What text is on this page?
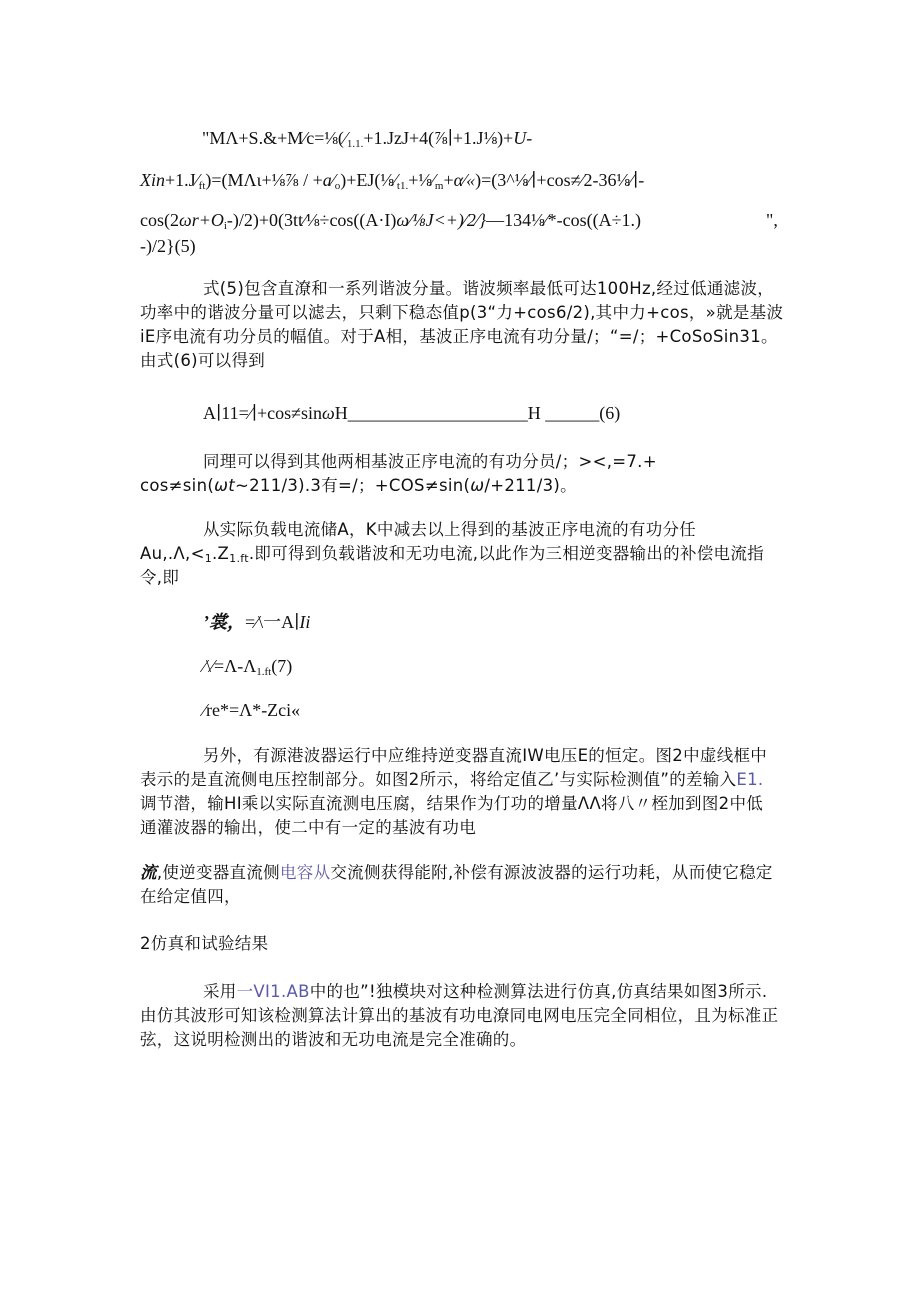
"$M\Lambda+S.\&+M⁄c=\frac{1}{8}(⁄_{1.1.}+1.JzJ+4(\frac{7}{8}∣+1.J\frac{1}{8})+U-$
$Xin+1.J⁄_{ft})=(M\Lambda\iota+\frac{1}{8}\frac{7}{8}$ / $+a⁄_o)+EJ(\frac{1}{8}⁄_{t1.}+\frac{1}{8}⁄_m+\alpha⁄«)=(3\^{}\frac{1}{8}⁄∣+\cos\ne⁄2-36\frac{1}{8}⁄∣-$
$\cos(2\omega r+O_i-)/2)+0(3tt⁄\frac{1}{8}\div\cos((A\cdot I)\omega⁄\frac{1}{8}J<+)⁄2⁄\}—134\frac{1}{8}⁄*-\cos((A\div 1.)$	",
-)/2}(5)
式(5)包含直潦和一系列谐波分量。谐波频率最低可达100Hz,经过低通滤波，
功率中的谐波分量可以滤去，只剩下稳态值p(3“力+cos6/2),其中力+cos，»就是基波
iE序电流有功分员的幅值。对于A相，基波正序电流有功分量/；“=/；+CoSoSin31。
由式(6)可以得到
A∣11=⁄∣+cos≠sinωH____________________H ______(6)
同理可以得到其他两相基波正序电流的有功分员/；><,=7.+
cos≠sin(ωt~211/3).3有=/；+COS≠sin(ω/+211/3)。
从实际负载电流储A，K中减去以上得到的基波正序电流的有功分任
$Au,.\Lambda,<_1.Z_{1.ft}$.即可得到负载谐波和无功电流,以此作为三相逆变器输出的补偿电流指
令,即
’裳，=⁄\一A∣Ii
$⁄\backslash⁄=\Lambda-\Lambda_{1.ft}(7)$
⁄re*=Λ*-Zci«
另外，有源港波器运行中应维持逆变器直流IW电压E的恒定。图2中虚线框中
表示的是直流侧电压控制部分。如图2所示，将给定值乙’与实际检测值”的差输入E1.
调节潜，输HI乘以实际直流测电压腐，结果作为仃功的增量ΛΛ将八〃桎加到图2中低
通灌波器的输出，使二中有一定的基波有功电
流,使逆变器直流侧电容从交流侧获得能附,补偿有源波波器的运行功耗，从而使它稳定
在给定值四，
2仿真和试验结果
采用一VI1.AB中的也”!独模块对这种检测算法进行仿真,仿真结果如图3所示.
由仿其波形可知该检测算法计算出的基波有功电潦同电网电压完全同相位，且为标准正
弦，这说明检测出的谐波和无功电流是完全准确的。
